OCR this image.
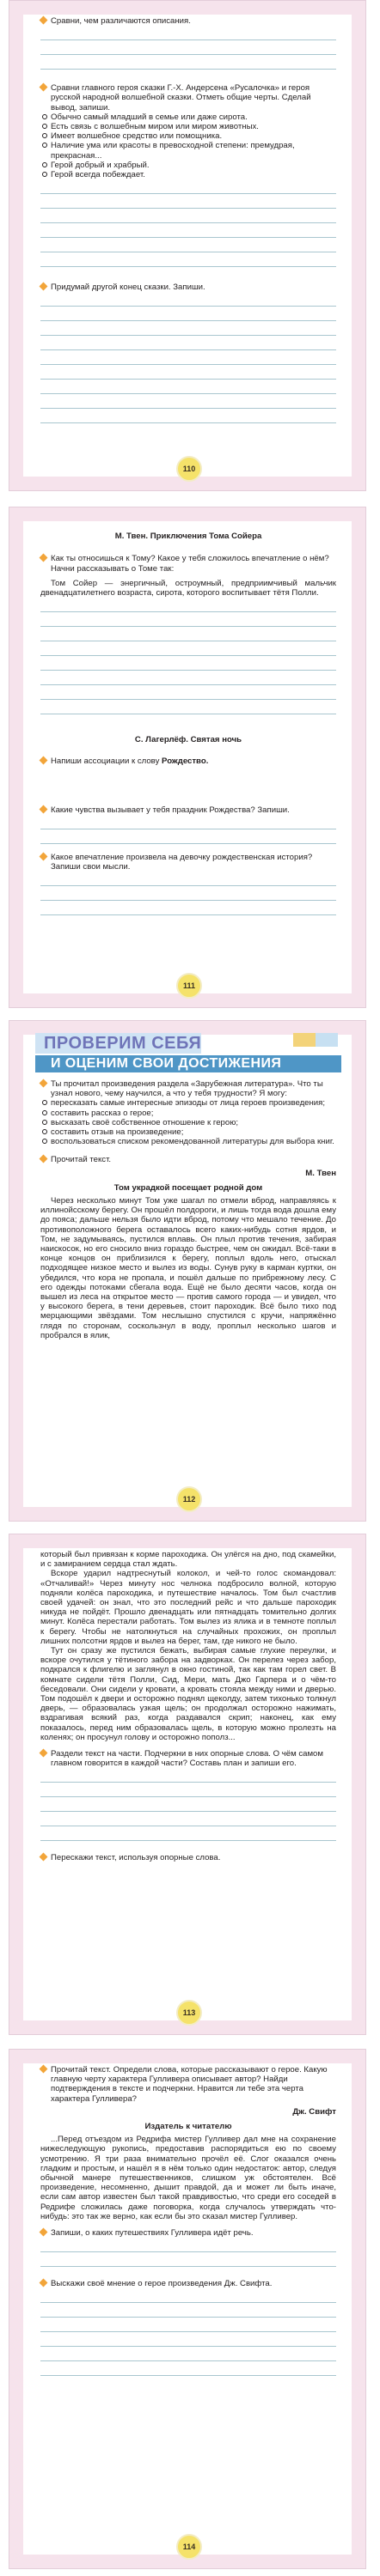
Сравни, чем различаются описания.

Сравни главного героя сказки Г.-Х. Андерсена «Русалочка» и героя русской народной волшебной сказки. Отметь общие черты. Сделай вывод, запиши.

Обычно самый младший в семье или даже сирота.

Есть связь с волшебным миром или миром животных.

Имеет волшебное средство или помощника.

Наличие ума или красоты в превосходной степени: премудрая, прекрасная...

Герой добрый и храбрый.

Герой всегда побеждает.

Придумай другой конец сказки. Запиши.

110

М. Твен. Приключения Тома Сойера

Как ты относишься к Тому? Какое у тебя сложилось впечатление о нём? Начни рассказывать о Томе так:

Том Сойер — энергичный, остроумный, предприимчивый мальчик двенадцатилетнего возраста, сирота, которого воспитывает тётя Полли.

С. Лагерлёф. Святая ночь

Напиши ассоциации к слову Рождество.

Какие чувства вызывает у тебя праздник Рождества? Запиши.

Какое впечатление произвела на девочку рождественская история? Запиши свои мысли.

111
ПРОВЕРИМ СЕБЯ
И ОЦЕНИМ СВОИ ДОСТИЖЕНИЯ

Ты прочитал произведения раздела «Зарубежная литература». Что ты узнал нового, чему научился, а что у тебя трудности? Я могу:

пересказать самые интересные эпизоды от лица героев произведения;

составить рассказ о герое;

высказать своё собственное отношение к герою;

составить отзыв на произведение;

воспользоваться списком рекомендованной литературы для выбора книг.

Прочитай текст.

М. Твен

Том украдкой посещает родной дом

Через несколько минут Том уже шагал по отмели вброд, направляясь к иллинойсскому берегу. Он прошёл полдороги, и лишь тогда вода дошла ему до пояса; дальше нельзя было идти вброд, потому что мешало течение. До противоположного берега оставалось всего каких-нибудь сотня ярдов, и Том, не задумываясь, пустился вплавь. Он плыл против течения, забирая наискосок, но его сносило вниз гораздо быстрее, чем он ожидал. Всё-таки в конце концов он приблизился к берегу, поплыл вдоль него, отыскал подходящее низкое место и вылез из воды. Сунув руку в карман куртки, он убедился, что кора не пропала, и пошёл дальше по прибрежному лесу. С его одежды потоками сбегала вода. Ещё не было десяти часов, когда он вышел из леса на открытое место — против самого города — и увидел, что у высокого берега, в тени деревьев, стоит пароходик. Всё было тихо под мерцающими звёздами. Том неслышно спустился с кручи, напряжённо глядя по сторонам, соскользнул в воду, проплыл несколько шагов и пробрался в ялик,

112

который был привязан к корме пароходика. Он улёгся на дно, под скамейки, и с замиранием сердца стал ждать.

Вскоре ударил надтреснутый колокол, и чей-то голос скомандовал: «Отчаливай!» Через минуту нос челнока подбросило волной, которую подняли колёса пароходика, и путешествие началось. Том был счастлив своей удачей: он знал, что это последний рейс и что дальше пароходик никуда не пойдёт. Прошло двенадцать или пятнадцать томительно долгих минут. Колёса перестали работать. Том вылез из ялика и в темноте поплыл к берегу. Чтобы не натолкнуться на случайных прохожих, он проплыл лишних полсотни ярдов и вылез на берег, там, где никого не было.

Тут он сразу же пустился бежать, выбирая самые глухие переулки, и вскоре очутился у тётиного забора на задворках. Он перелез через забор, подкрался к флигелю и заглянул в окно гостиной, так как там горел свет. В комнате сидели тётя Полли, Сид, Мери, мать Джо Гарпера и о чём-то беседовали. Они сидели у кровати, а кровать стояла между ними и дверью. Том подошёл к двери и осторожно поднял щеколду, затем тихонько толкнул дверь, — образовалась узкая щель; он продолжал осторожно нажимать, вздрагивая всякий раз, когда раздавался скрип; наконец, как ему показалось, перед ним образовалась щель, в которую можно пролезть на коленях; он просунул голову и осторожно пополз...

Раздели текст на части. Подчеркни в них опорные слова. О чём самом главном говорится в каждой части? Составь план и запиши его.

Перескажи текст, используя опорные слова.

113

Прочитай текст. Определи слова, которые рассказывают о герое. Какую главную черту характера Гулливера описывает автор? Найди подтверждения в тексте и подчеркни. Нравится ли тебе эта черта характера Гулливера?

Дж. Свифт

Издатель к читателю

...Перед отъездом из Редрифа мистер Гулливер дал мне на сохранение нижеследующую рукопись, предоставив распорядиться ею по своему усмотрению. Я три раза внимательно прочёл её. Слог оказался очень гладким и простым, и нашёл я в нём только один недостаток: автор, следуя обычной манере путешественников, слишком уж обстоятелен. Всё произведение, несомненно, дышит правдой, да и может ли быть иначе, если сам автор известен был такой правдивостью, что среди его соседей в Редрифе сложилась даже поговорка, когда случалось утверждать что-нибудь: это так же верно, как если бы это сказал мистер Гулливер.

Запиши, о каких путешествиях Гулливера идёт речь.

Выскажи своё мнение о герое произведения Дж. Свифта.

114
